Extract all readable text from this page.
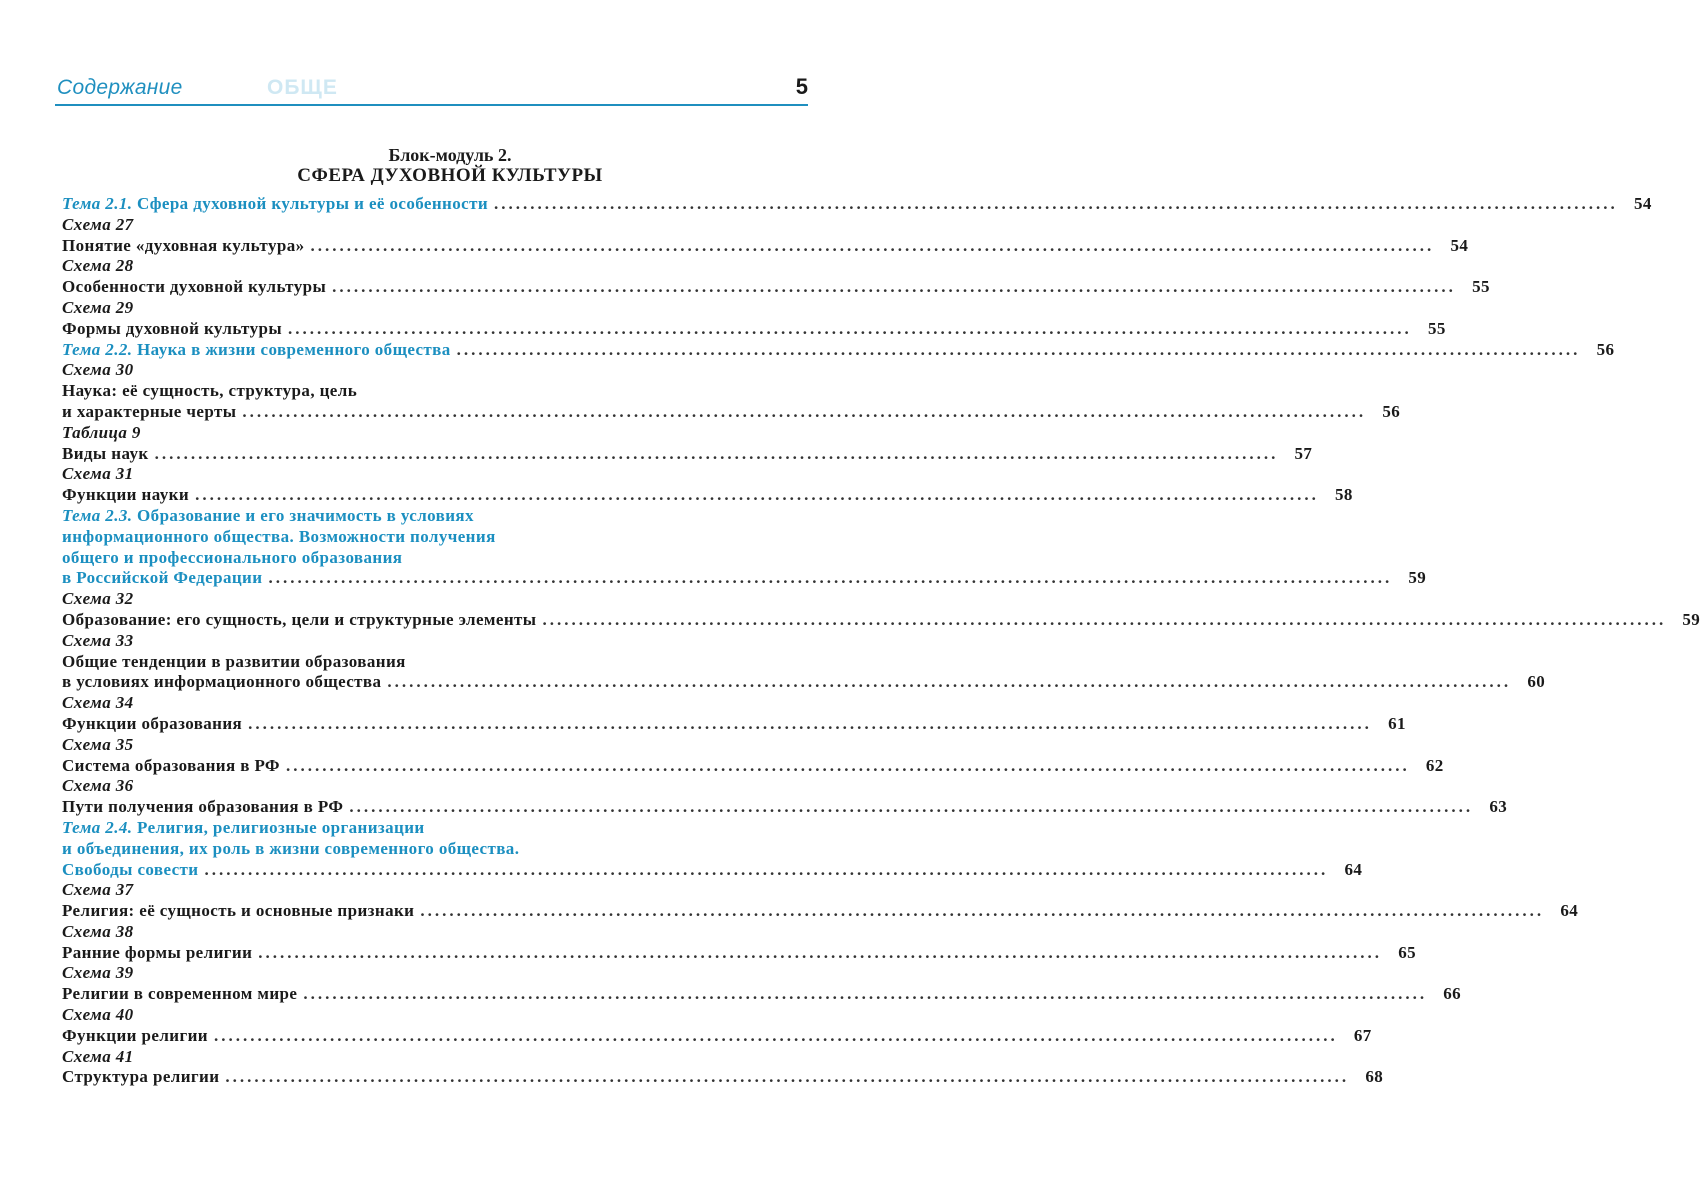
Содержание	ОБЩЕ	5
Блок-модуль 2.
СФЕРА ДУХОВНОЙ КУЛЬТУРЫ
Тема 2.1. Сфера духовной культуры и её особенности ........................................................................................................................................................... 54
Схема 27
Понятие «духовная культура» ........................................................................................................................................................... 54
Схема 28
Особенности духовной культуры ........................................................................................................................................................... 55
Схема 29
Формы духовной культуры ........................................................................................................................................................... 55
Тема 2.2. Наука в жизни современного общества ........................................................................................................................................................... 56
Схема 30
Наука: её сущность, структура, цель
и характерные черты ........................................................................................................................................................... 56
Таблица 9
Виды наук ........................................................................................................................................................... 57
Схема 31
Функции науки ........................................................................................................................................................... 58
Тема 2.3. Образование и его значимость в условиях
информационного общества. Возможности получения
общего и профессионального образования
в Российской Федерации ........................................................................................................................................................... 59
Схема 32
Образование: его сущность, цели и структурные элементы ........................................................................................................................................................... 59
Схема 33
Общие тенденции в развитии образования
в условиях информационного общества ........................................................................................................................................................... 60
Схема 34
Функции образования ........................................................................................................................................................... 61
Схема 35
Система образования в РФ ........................................................................................................................................................... 62
Схема 36
Пути получения образования в РФ ........................................................................................................................................................... 63
Тема 2.4. Религия, религиозные организации
и объединения, их роль в жизни современного общества.
Свободы совести ........................................................................................................................................................... 64
Схема 37
Религия: её сущность и основные признаки ........................................................................................................................................................... 64
Схема 38
Ранние формы религии ........................................................................................................................................................... 65
Схема 39
Религии в современном мире ........................................................................................................................................................... 66
Схема 40
Функции религии ........................................................................................................................................................... 67
Схема 41
Структура религии ........................................................................................................................................................... 68
